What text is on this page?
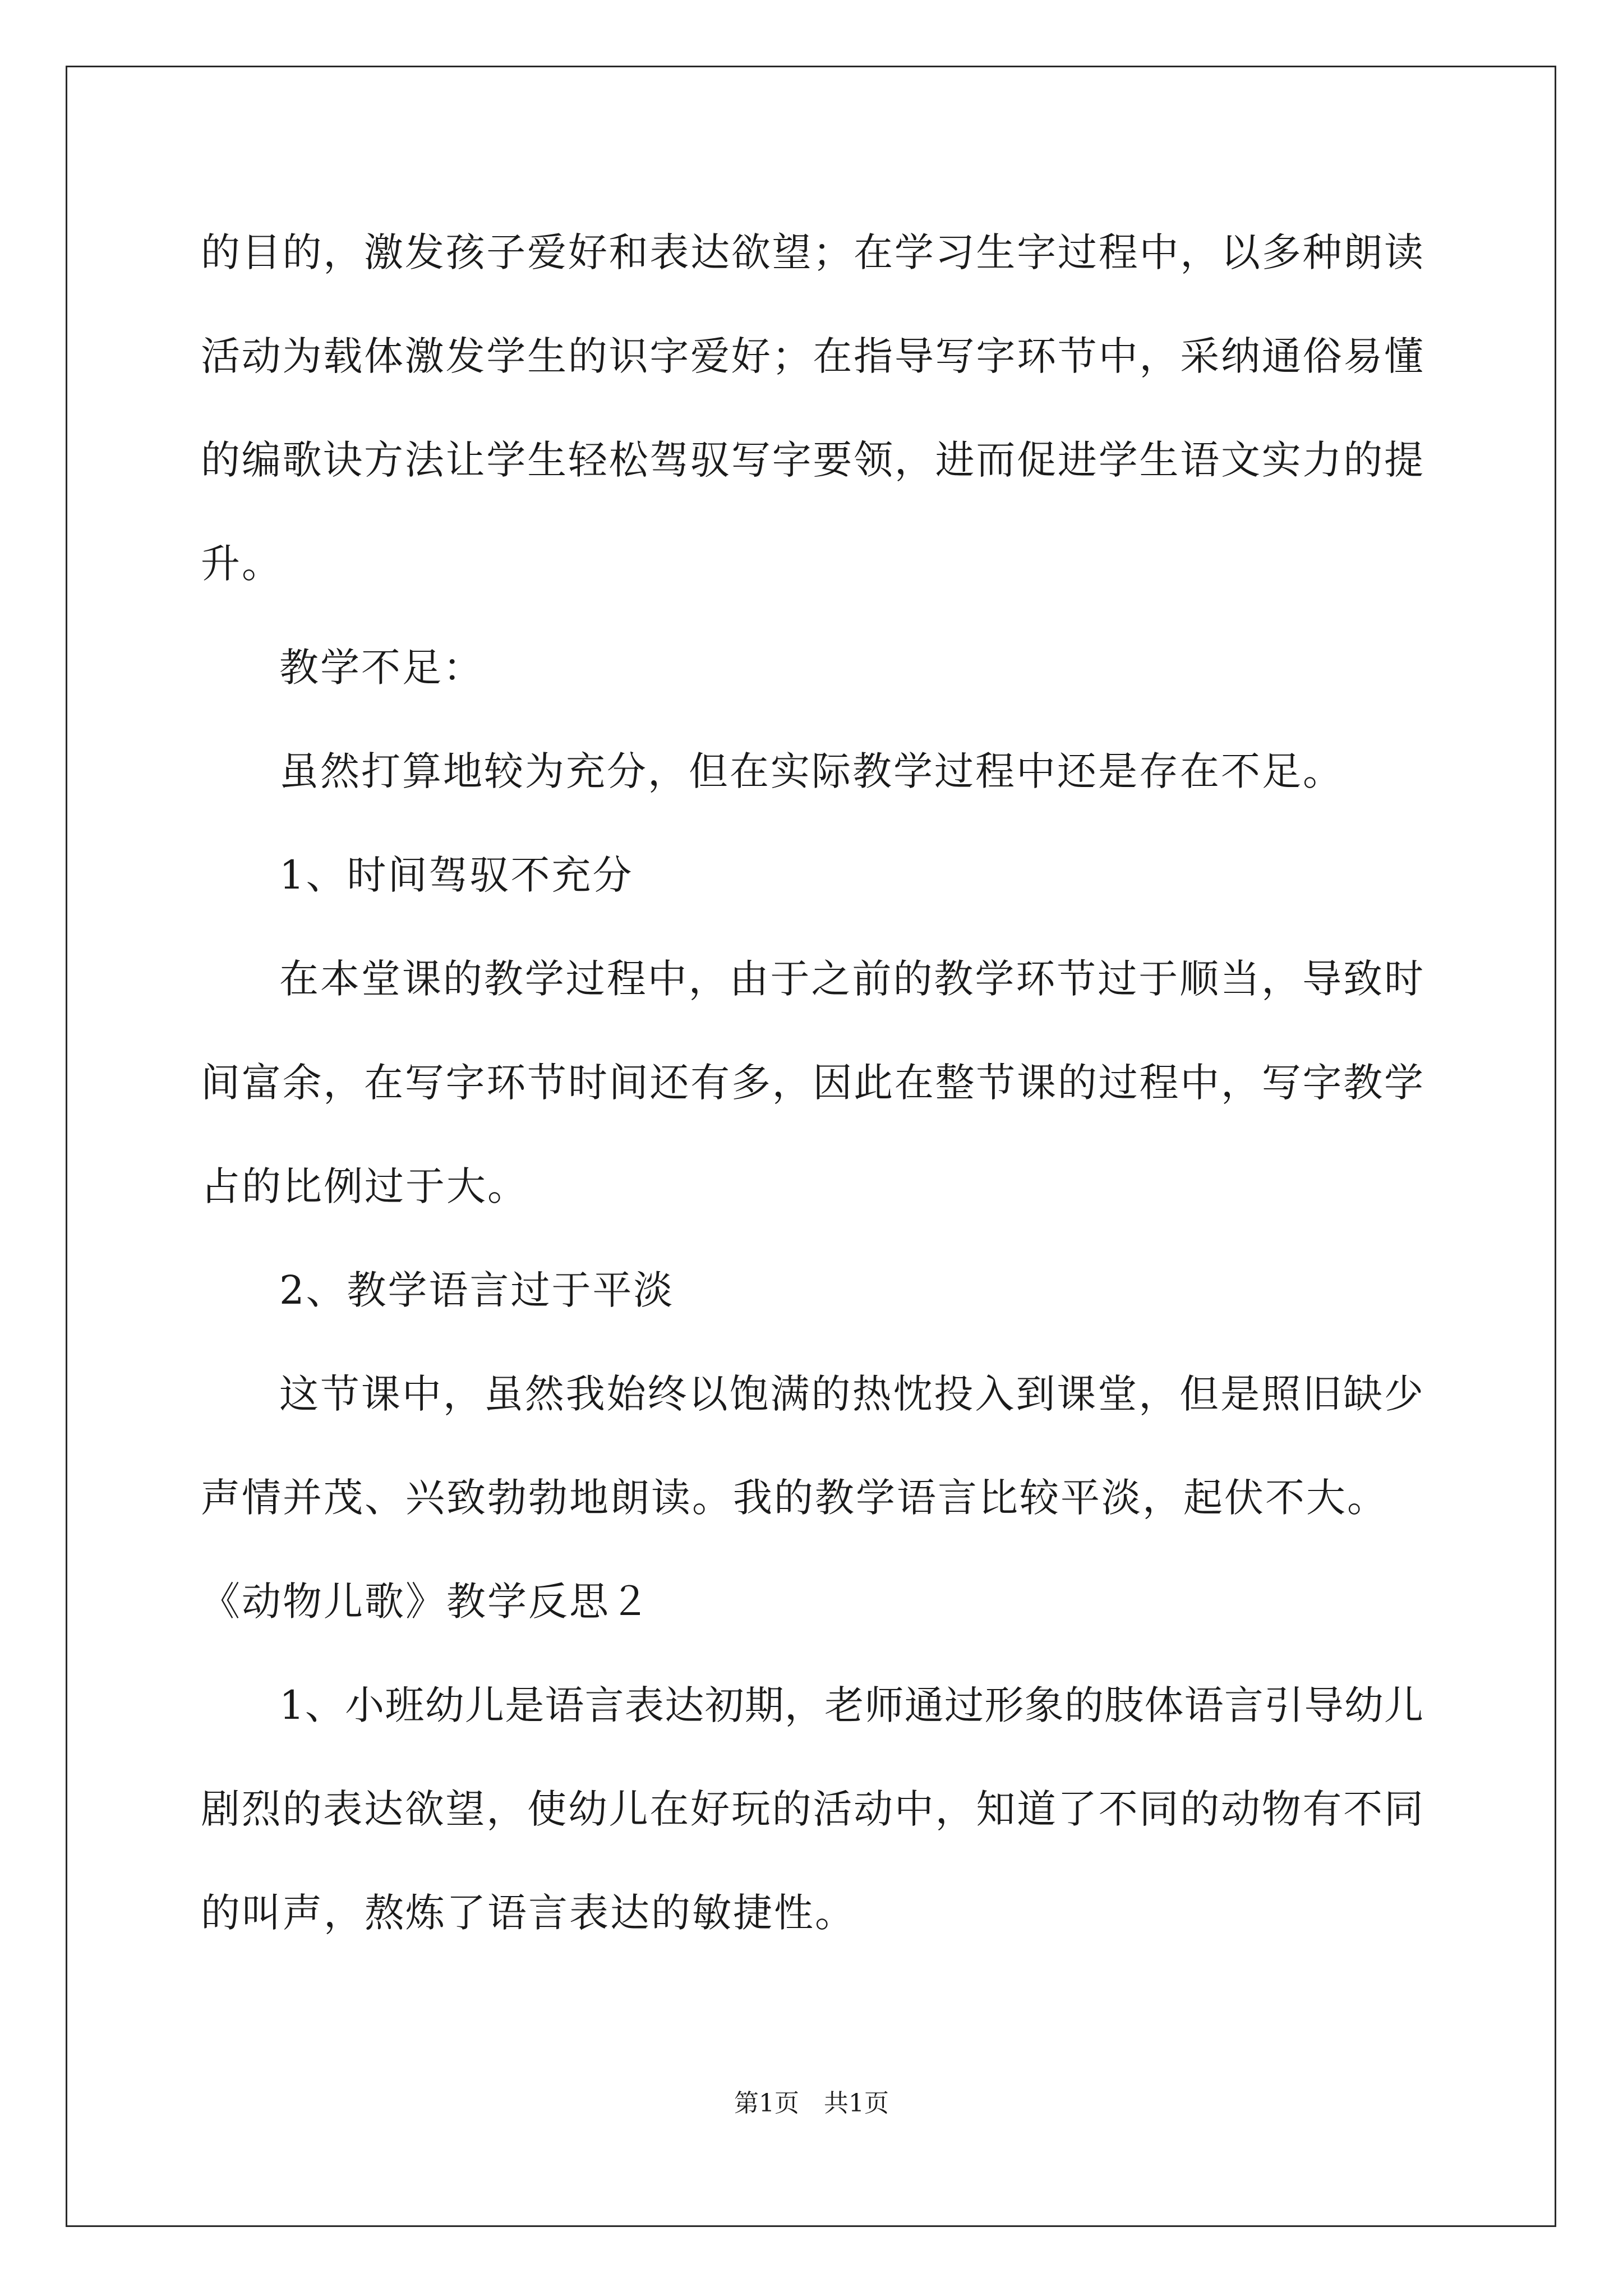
的目的，激发孩子爱好和表达欲望；在学习生字过程中，以多种朗读
活动为载体激发学生的识字爱好；在指导写字环节中，采纳通俗易懂
的编歌诀方法让学生轻松驾驭写字要领，进而促进学生语文实力的提
升。
教学不足：
虽然打算地较为充分，但在实际教学过程中还是存在不足。
1、时间驾驭不充分
在本堂课的教学过程中，由于之前的教学环节过于顺当，导致时
间富余，在写字环节时间还有多，因此在整节课的过程中，写字教学
占的比例过于大。
2、教学语言过于平淡
这节课中，虽然我始终以饱满的热忱投入到课堂，但是照旧缺少
声情并茂、兴致勃勃地朗读。我的教学语言比较平淡，起伏不大。
《动物儿歌》教学反思２
1、小班幼儿是语言表达初期，老师通过形象的肢体语言引导幼儿
剧烈的表达欲望，使幼儿在好玩的活动中，知道了不同的动物有不同
的叫声，熬炼了语言表达的敏捷性。
第1页　共1页
